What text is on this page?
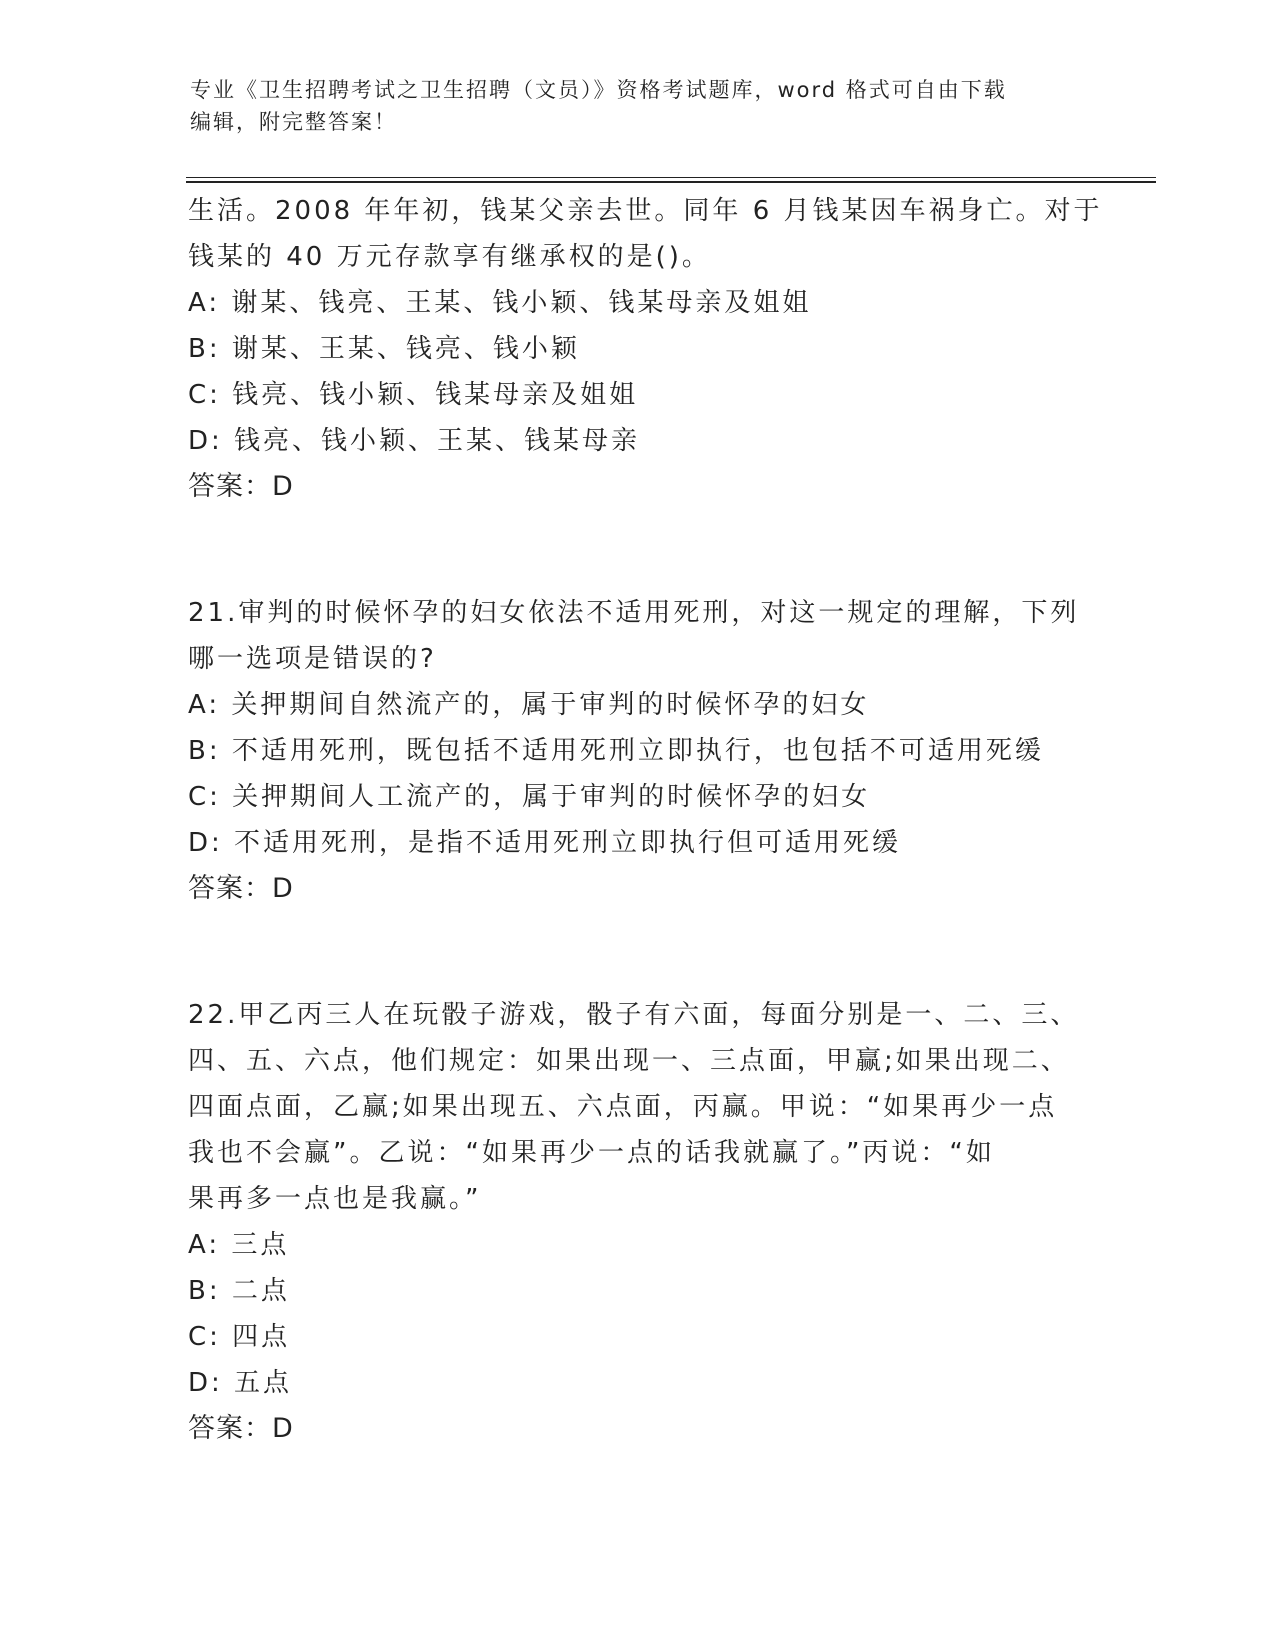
专业《卫生招聘考试之卫生招聘（文员）》资格考试题库，word 格式可自由下载
编辑，附完整答案！
生活。2008 年年初，钱某父亲去世。同年 6 月钱某因车祸身亡。对于
钱某的 40 万元存款享有继承权的是()。
A: 谢某、钱亮、王某、钱小颖、钱某母亲及姐姐
B: 谢某、王某、钱亮、钱小颖
C: 钱亮、钱小颖、钱某母亲及姐姐
D: 钱亮、钱小颖、王某、钱某母亲
答案：D
21.审判的时候怀孕的妇女依法不适用死刑，对这一规定的理解，下列
哪一选项是错误的?
A: 关押期间自然流产的，属于审判的时候怀孕的妇女
B: 不适用死刑，既包括不适用死刑立即执行，也包括不可适用死缓
C: 关押期间人工流产的，属于审判的时候怀孕的妇女
D: 不适用死刑，是指不适用死刑立即执行但可适用死缓
答案：D
22.甲乙丙三人在玩骰子游戏，骰子有六面，每面分别是一、二、三、
四、五、六点，他们规定：如果出现一、三点面，甲赢;如果出现二、
四面点面，乙赢;如果出现五、六点面，丙赢。甲说：“如果再少一点
我也不会赢”。乙说：“如果再少一点的话我就赢了。”丙说：“如
果再多一点也是我赢。”
A: 三点
B: 二点
C: 四点
D: 五点
答案：D
